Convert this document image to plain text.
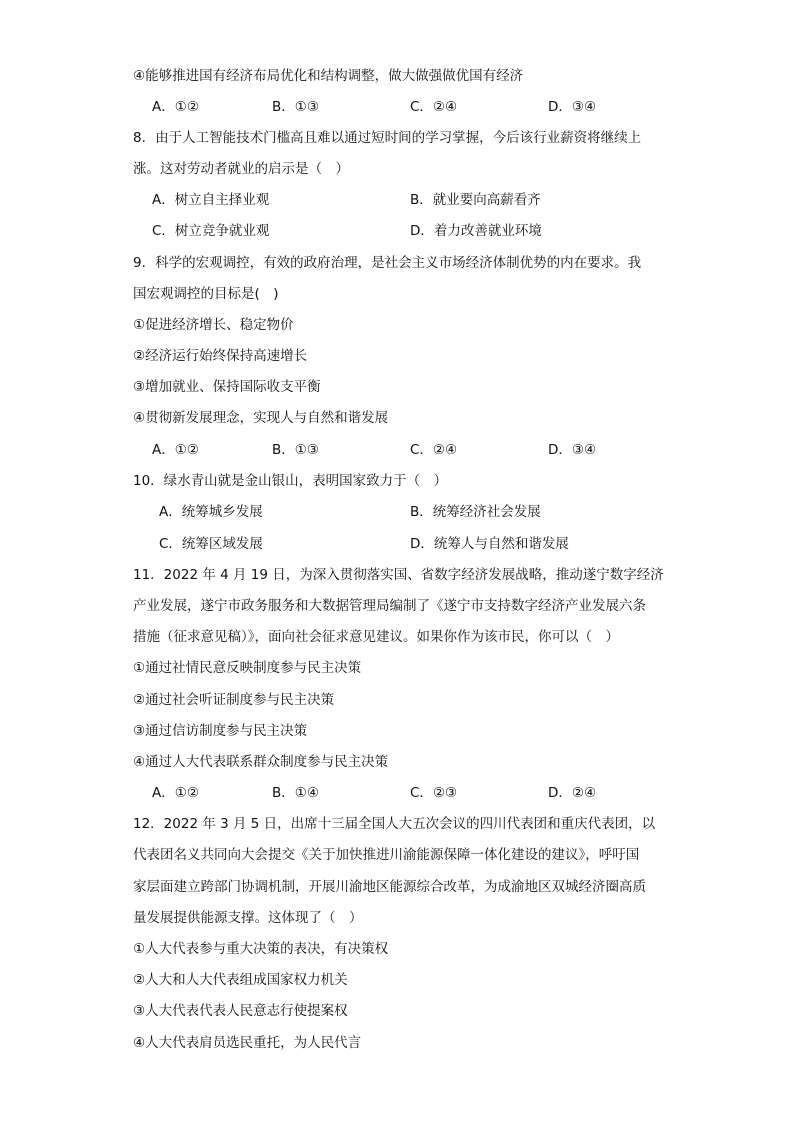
④能够推进国有经济布局优化和结构调整，做大做强做优国有经济
A．①②	B．①③	C．②④	D．③④
8．由于人工智能技术门槛高且难以通过短时间的学习掌握，今后该行业薪资将继续上
涨。这对劳动者就业的启示是（　）
A．树立自主择业观	B．就业要向高薪看齐
C．树立竞争就业观	D．着力改善就业环境
9．科学的宏观调控，有效的政府治理，是社会主义市场经济体制优势的内在要求。我
国宏观调控的目标是(　)
①促进经济增长、稳定物价
②经济运行始终保持高速增长
③增加就业、保持国际收支平衡
④贯彻新发展理念，实现人与自然和谐发展
A．①②	B．①③	C．②④	D．③④
10．绿水青山就是金山银山，表明国家致力于（　）
A．统筹城乡发展	B．统筹经济社会发展
C．统筹区域发展	D．统筹人与自然和谐发展
11．2022 年 4 月 19 日，为深入贯彻落实国、省数字经济发展战略，推动遂宁数字经济
产业发展，遂宁市政务服务和大数据管理局编制了《遂宁市支持数字经济产业发展六条
措施（征求意见稿）》，面向社会征求意见建议。如果你作为该市民，你可以（　）
①通过社情民意反映制度参与民主决策
②通过社会听证制度参与民主决策
③通过信访制度参与民主决策
④通过人大代表联系群众制度参与民主决策
A．①②	B．①④	C．②③	D．②④
12．2022 年 3 月 5 日，出席十三届全国人大五次会议的四川代表团和重庆代表团，以
代表团名义共同向大会提交《关于加快推进川渝能源保障一体化建设的建议》，呼吁国
家层面建立跨部门协调机制，开展川渝地区能源综合改革，为成渝地区双城经济圈高质
量发展提供能源支撑。这体现了（　）
①人大代表参与重大决策的表决，有决策权
②人大和人大代表组成国家权力机关
③人大代表代表人民意志行使提案权
④人大代表肩员选民重托，为人民代言
